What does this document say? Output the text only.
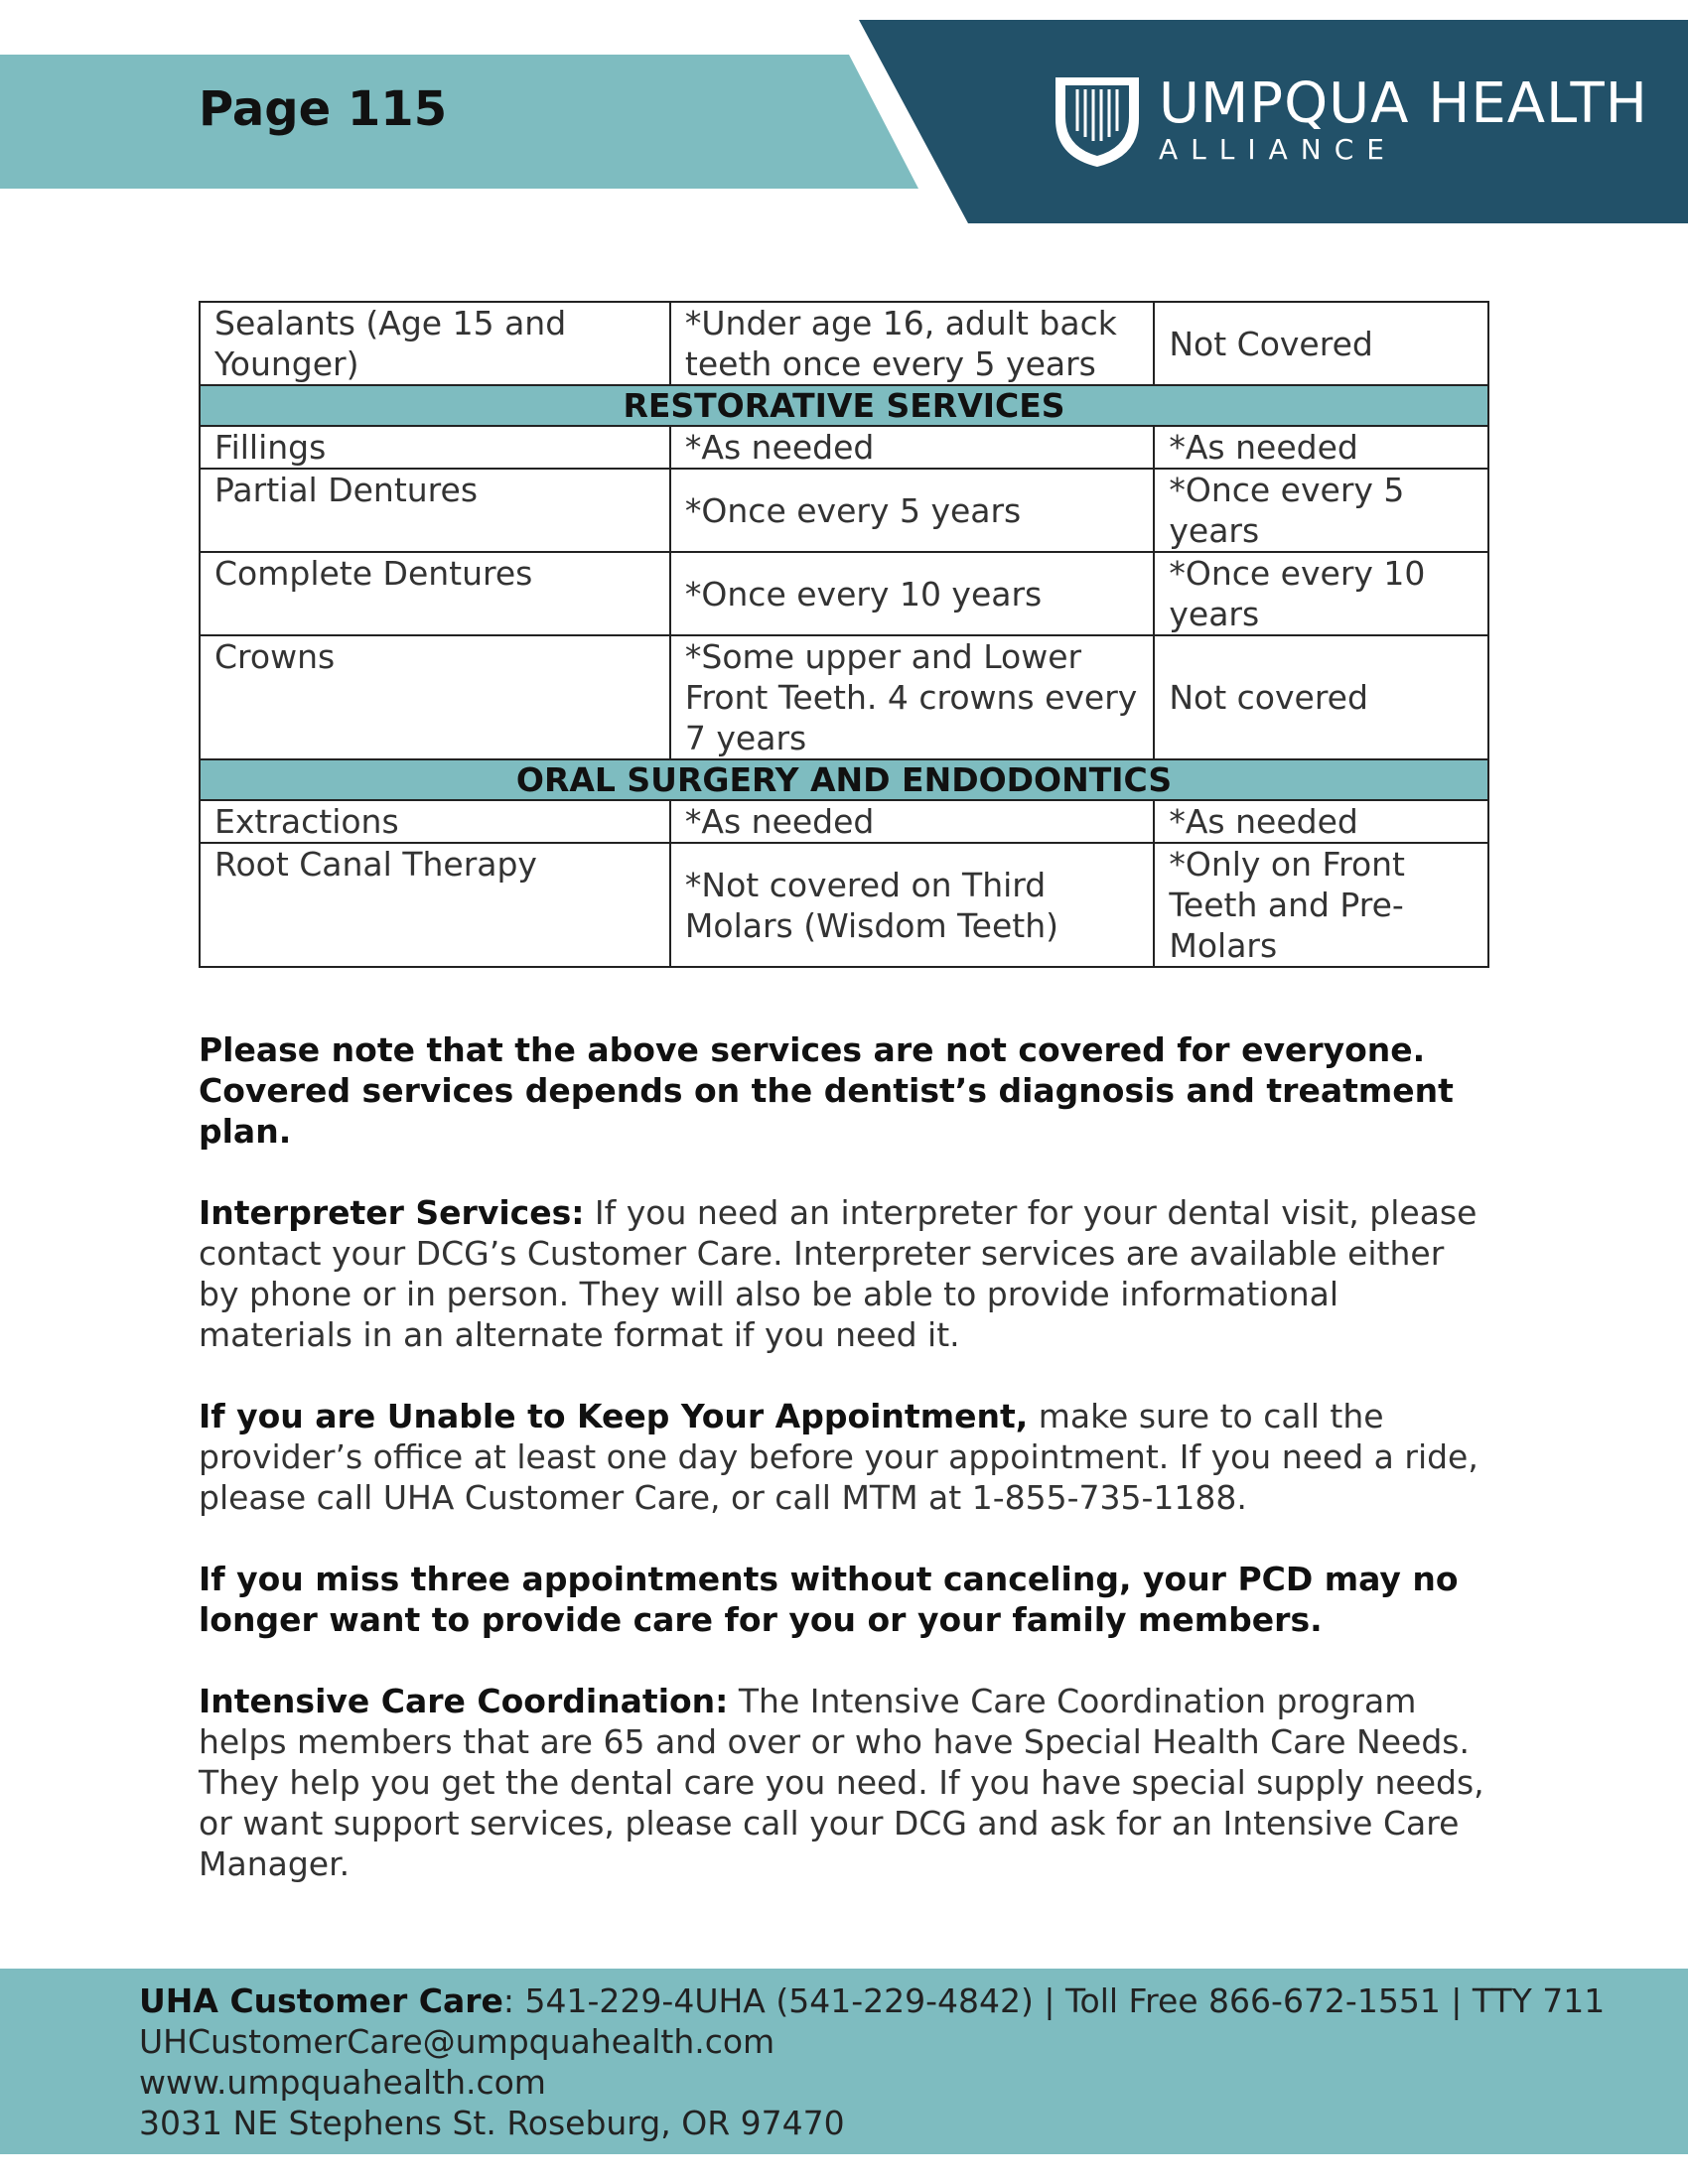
Page 115	UMPQUA HEALTH
ALLIANCE
Sealants (Age 15 and Younger)	*Under age 16, adult back teeth once every 5 years	Not Covered
RESTORATIVE SERVICES		
Fillings	*As needed	*As needed
Partial Dentures	*Once every 5 years	*Once every 5 years
Complete Dentures	*Once every 10 years	*Once every 10 years
Crowns	*Some upper and Lower Front Teeth. 4 crowns every 7 years	Not covered
ORAL SURGERY AND ENDODONTICS		
Extractions	*As needed	*As needed
Root Canal Therapy	*Not covered on Third Molars (Wisdom Teeth)	*Only on Front Teeth and Pre-Molars

Please note that the above services are not covered for everyone. Covered services depends on the dentist’s diagnosis and treatment plan.

Interpreter Services: If you need an interpreter for your dental visit, please contact your DCG’s Customer Care. Interpreter services are available either by phone or in person. They will also be able to provide informational materials in an alternate format if you need it.

If you are Unable to Keep Your Appointment, make sure to call the provider’s office at least one day before your appointment. If you need a ride, please call UHA Customer Care, or call MTM at 1-855-735-1188.

If you miss three appointments without canceling, your PCD may no longer want to provide care for you or your family members.

Intensive Care Coordination: The Intensive Care Coordination program helps members that are 65 and over or who have Special Health Care Needs. They help you get the dental care you need. If you have special supply needs, or want support services, please call your DCG and ask for an Intensive Care Manager.

UHA Customer Care: 541-229-4UHA (541-229-4842) | Toll Free 866-672-1551 | TTY 711
UHCustomerCare@umpquahealth.com
www.umpquahealth.com
3031 NE Stephens St. Roseburg, OR 97470
